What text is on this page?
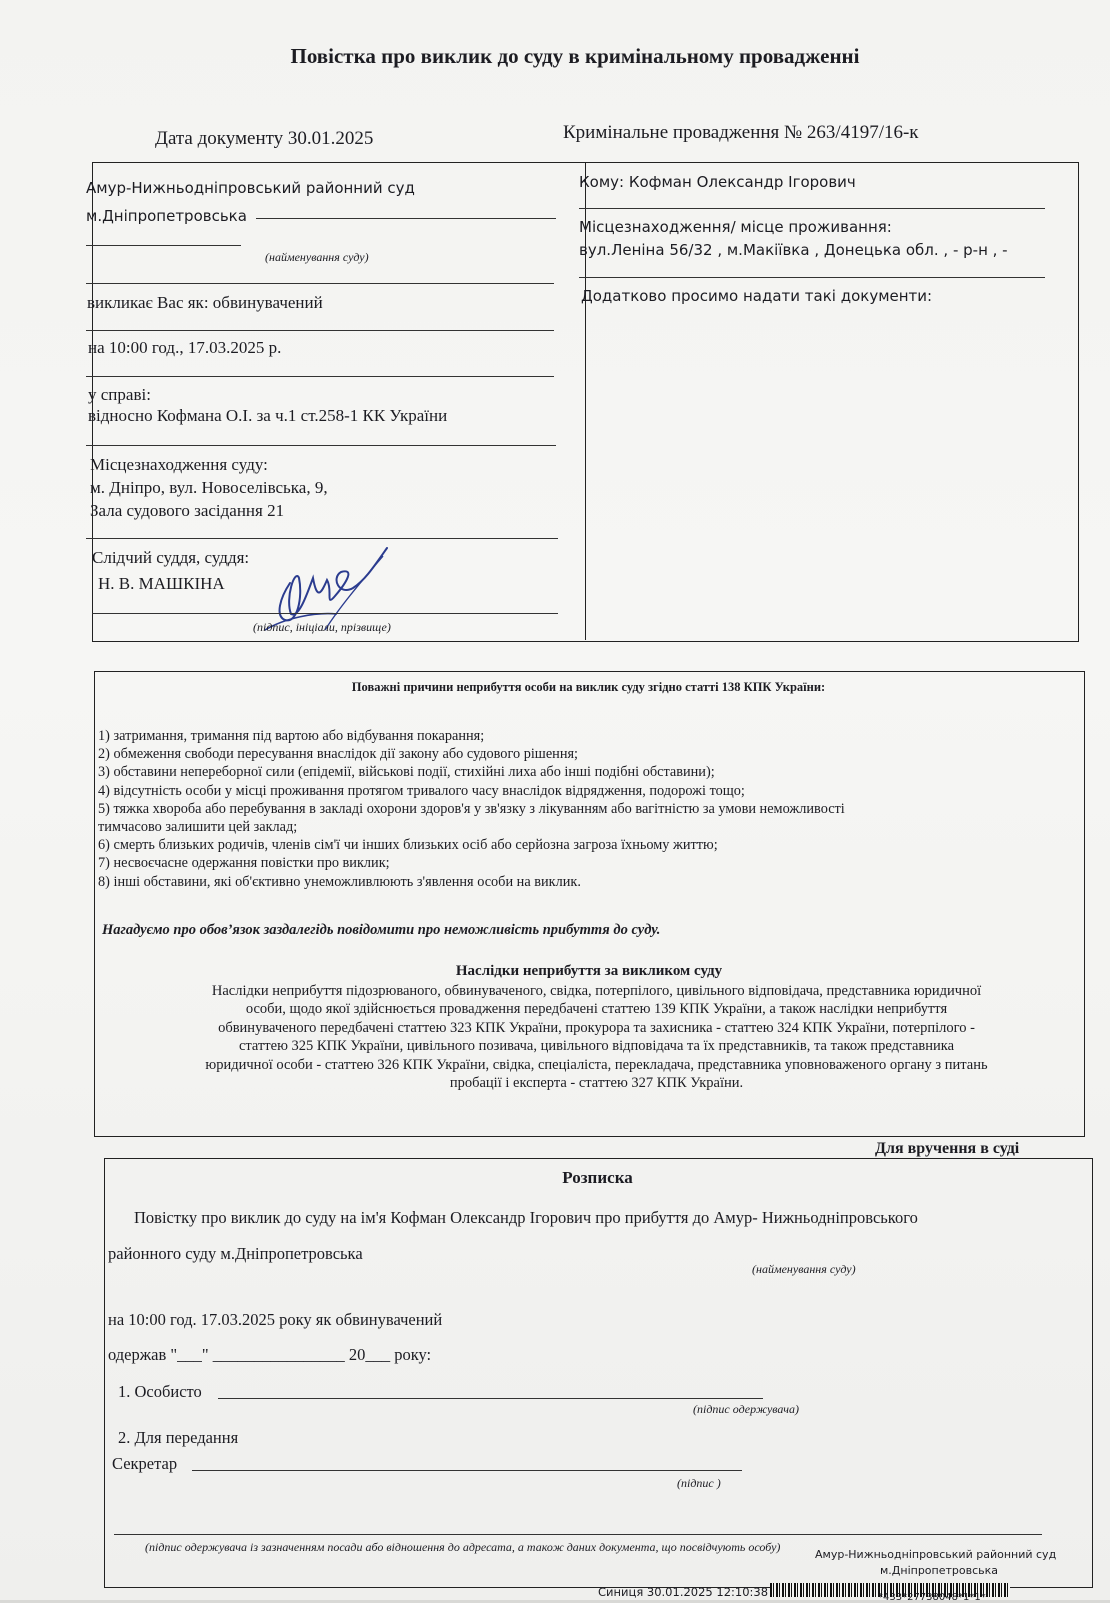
Повістка про виклик до суду в кримінальному провадженні
Дата документу 30.01.2025	Кримінальне провадження № 263/4197/16-к
Амур-Нижньодніпровський районний суд
м.Дніпропетровська
(найменування суду)
викликає Вас як: обвинувачений
на 10:00 год., 17.03.2025 р.
у справі:
відносно Кофмана О.І. за ч.1 ст.258-1 КК України
Місцезнаходження суду:
м. Дніпро, вул. Новоселівська, 9,
Зала судового засідання 21
Слідчий суддя, суддя:
Н. В. МАШКІНА
(підпис, ініціали, прізвище)
Кому: Кофман Олександр Ігорович
Місцезнаходження/ місце проживання:
вул.Леніна 56/32 , м.Макіївка , Донецька обл. , - р-н , -
Додатково просимо надати такі документи:
Поважні причини неприбуття особи на виклик суду згідно статті 138 КПК України:
1) затримання, тримання під вартою або відбування покарання;
2) обмеження свободи пересування внаслідок дії закону або судового рішення;
3) обставини непереборної сили (епідемії, військові події, стихійні лиха або інші подібні обставини);
4) відсутність особи у місці проживання протягом тривалого часу внаслідок відрядження, подорожі тощо;
5) тяжка хвороба або перебування в закладі охорони здоров'я у зв'язку з лікуванням або вагітністю за умови неможливості
тимчасово залишити цей заклад;
6) смерть близьких родичів, членів сім'ї чи інших близьких осіб або серйозна загроза їхньому життю;
7) несвоєчасне одержання повістки про виклик;
8) інші обставини, які об'єктивно унеможливлюють з'явлення особи на виклик.
Нагадуємо про обов’язок заздалегідь повідомити про неможливість прибуття до суду.
Наслідки неприбуття за викликом суду
Наслідки неприбуття підозрюваного, обвинуваченого, свідка, потерпілого, цивільного відповідача, представника юридичної
особи, щодо якої здійснюється провадження передбачені статтею 139 КПК України, а також наслідки неприбуття
обвинуваченого передбачені статтею 323 КПК України, прокурора та захисника - статтею 324 КПК України, потерпілого -
статтею 325 КПК України, цивільного позивача, цивільного відповідача та їх представників, та також представника
юридичної особи - статтею 326 КПК України, свідка, спеціаліста, перекладача, представника уповноваженого органу з питань
пробації і експерта - статтею 327 КПК України.
Для вручення в суді
Розписка
Повістку про виклик до суду на ім'я Кофман Олександр Ігорович про прибуття до Амур- Нижньодніпровського
районного суду м.Дніпропетровська
(найменування суду)
на 10:00 год. 17.03.2025 року як обвинувачений
одержав "___" ________________ 20___ року:
1. Особисто
(підпис одержувача)
2. Для передання
Секретар
(підпис )
(підпис одержувача із зазначенням посади або відношення до адресата, а також даних документа, що посвідчують особу)
Амур-Нижньодніпровський районний суд
м.Дніпропетровська
Синиця 30.01.2025 12:10:38	*433*27738048*1*1*
